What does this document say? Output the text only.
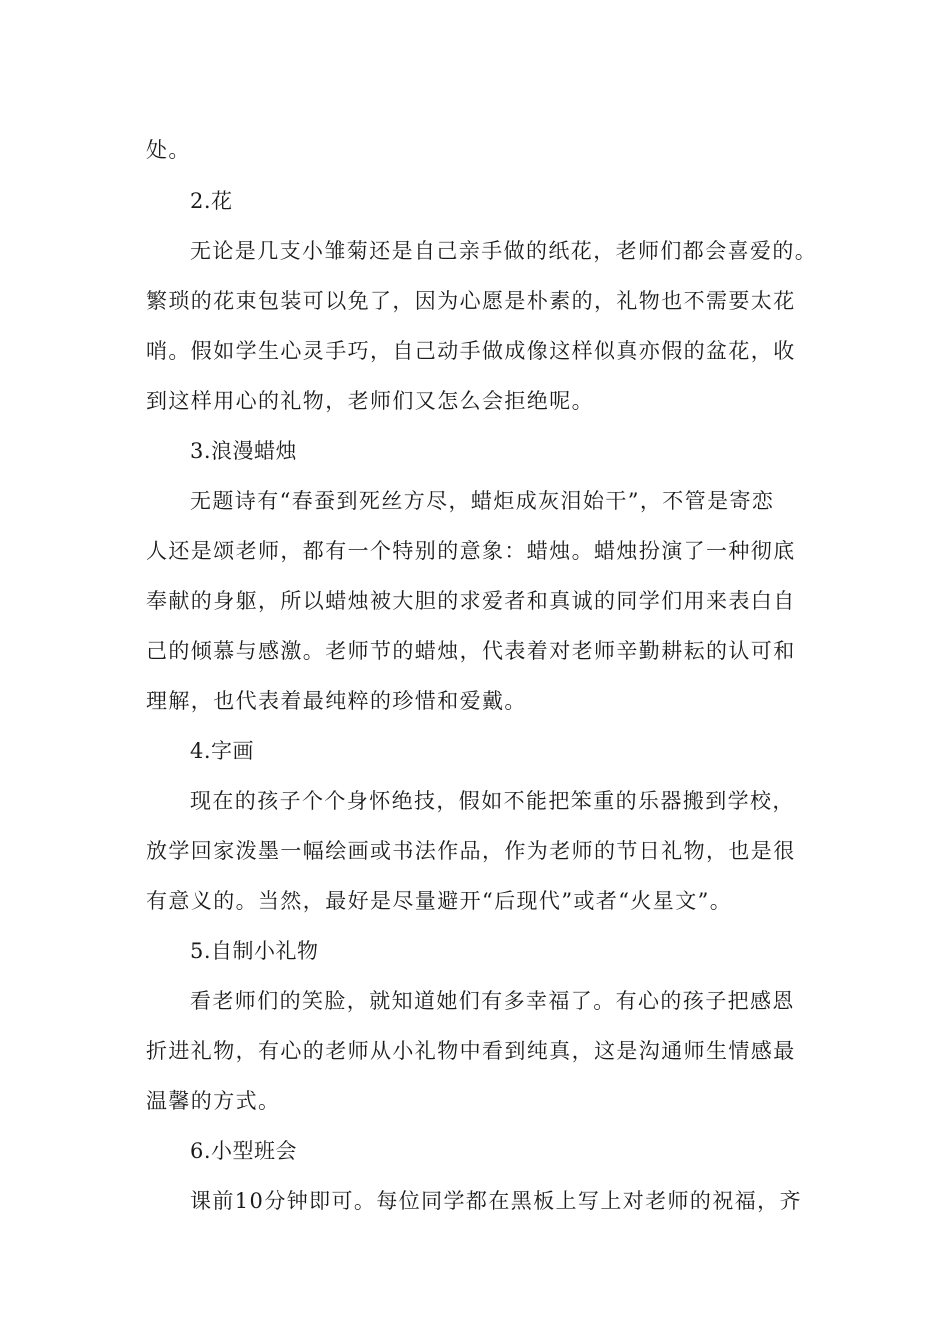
处。
2.花
无论是几支小雏菊还是自己亲手做的纸花，老师们都会喜爱的。
繁琐的花束包装可以免了，因为心愿是朴素的，礼物也不需要太花
哨。假如学生心灵手巧，自己动手做成像这样似真亦假的盆花，收
到这样用心的礼物，老师们又怎么会拒绝呢。
3.浪漫蜡烛
无题诗有“春蚕到死丝方尽，蜡炬成灰泪始干”，不管是寄恋
人还是颂老师，都有一个特别的意象：蜡烛。蜡烛扮演了一种彻底
奉献的身躯，所以蜡烛被大胆的求爱者和真诚的同学们用来表白自
己的倾慕与感激。老师节的蜡烛，代表着对老师辛勤耕耘的认可和
理解，也代表着最纯粹的珍惜和爱戴。
4.字画
现在的孩子个个身怀绝技，假如不能把笨重的乐器搬到学校，
放学回家泼墨一幅绘画或书法作品，作为老师的节日礼物，也是很
有意义的。当然，最好是尽量避开“后现代”或者“火星文”。
5.自制小礼物
看老师们的笑脸，就知道她们有多幸福了。有心的孩子把感恩
折进礼物，有心的老师从小礼物中看到纯真，这是沟通师生情感最
温馨的方式。
6.小型班会
课前10分钟即可。每位同学都在黑板上写上对老师的祝福，齐
